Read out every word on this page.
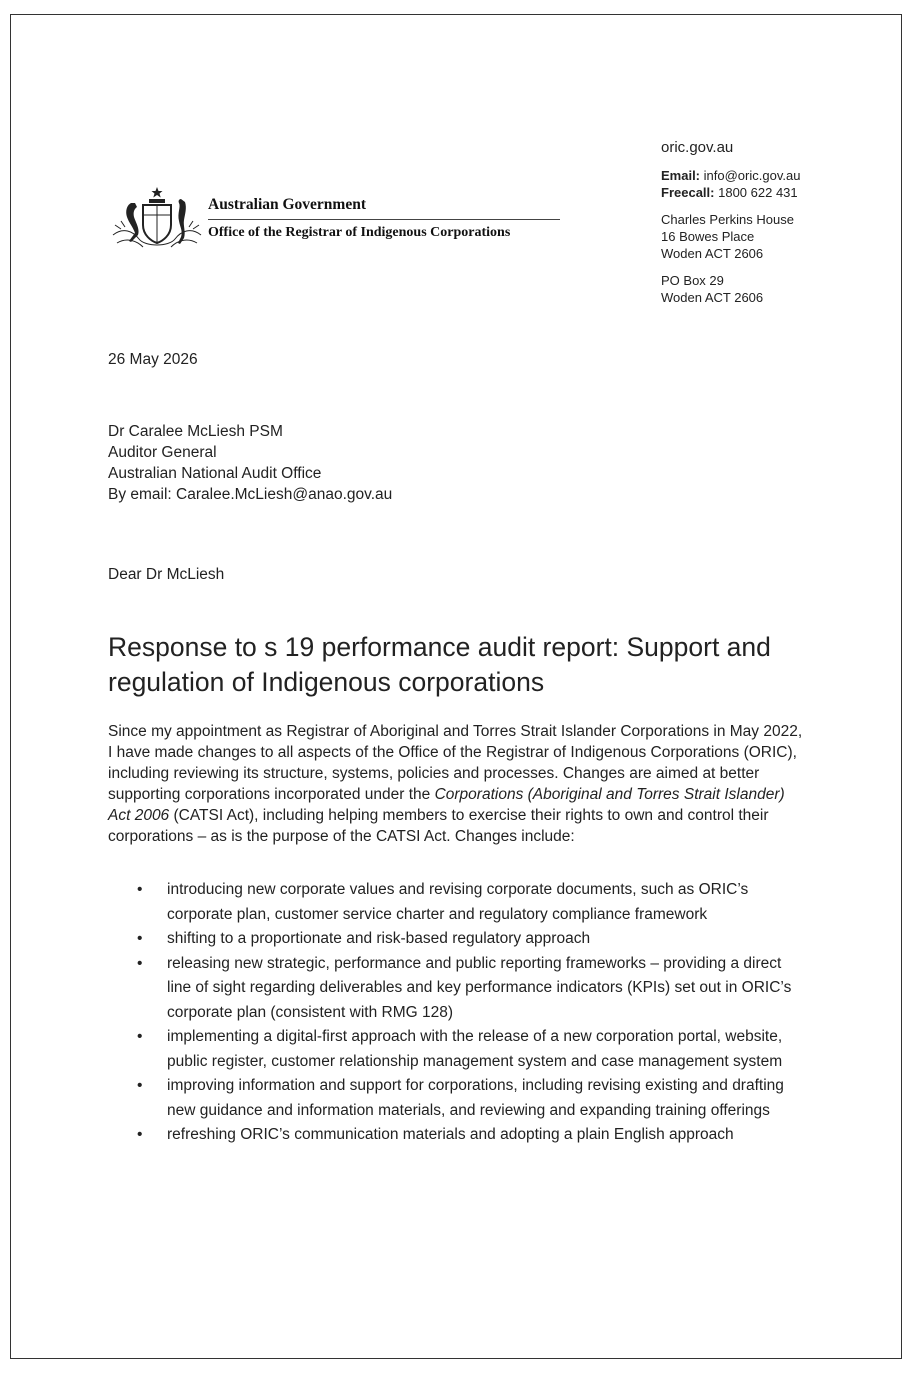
Australian Government
Office of the Registrar of Indigenous Corporations
oric.gov.au
Email: info@oric.gov.au
Freecall: 1800 622 431
Charles Perkins House
16 Bowes Place
Woden ACT 2606
PO Box 29
Woden ACT 2606
26 May 2026
Dr Caralee McLiesh PSM
Auditor General
Australian National Audit Office
By email: Caralee.McLiesh@anao.gov.au
Dear Dr McLiesh
Response to s 19 performance audit report: Support and regulation of Indigenous corporations
Since my appointment as Registrar of Aboriginal and Torres Strait Islander Corporations in May 2022, I have made changes to all aspects of the Office of the Registrar of Indigenous Corporations (ORIC), including reviewing its structure, systems, policies and processes. Changes are aimed at better supporting corporations incorporated under the Corporations (Aboriginal and Torres Strait Islander) Act 2006 (CATSI Act), including helping members to exercise their rights to own and control their corporations – as is the purpose of the CATSI Act. Changes include:
• introducing new corporate values and revising corporate documents, such as ORIC’s corporate plan, customer service charter and regulatory compliance framework
• shifting to a proportionate and risk-based regulatory approach
• releasing new strategic, performance and public reporting frameworks – providing a direct line of sight regarding deliverables and key performance indicators (KPIs) set out in ORIC’s corporate plan (consistent with RMG 128)
• implementing a digital-first approach with the release of a new corporation portal, website, public register, customer relationship management system and case management system
• improving information and support for corporations, including revising existing and drafting new guidance and information materials, and reviewing and expanding training offerings
• refreshing ORIC’s communication materials and adopting a plain English approach
